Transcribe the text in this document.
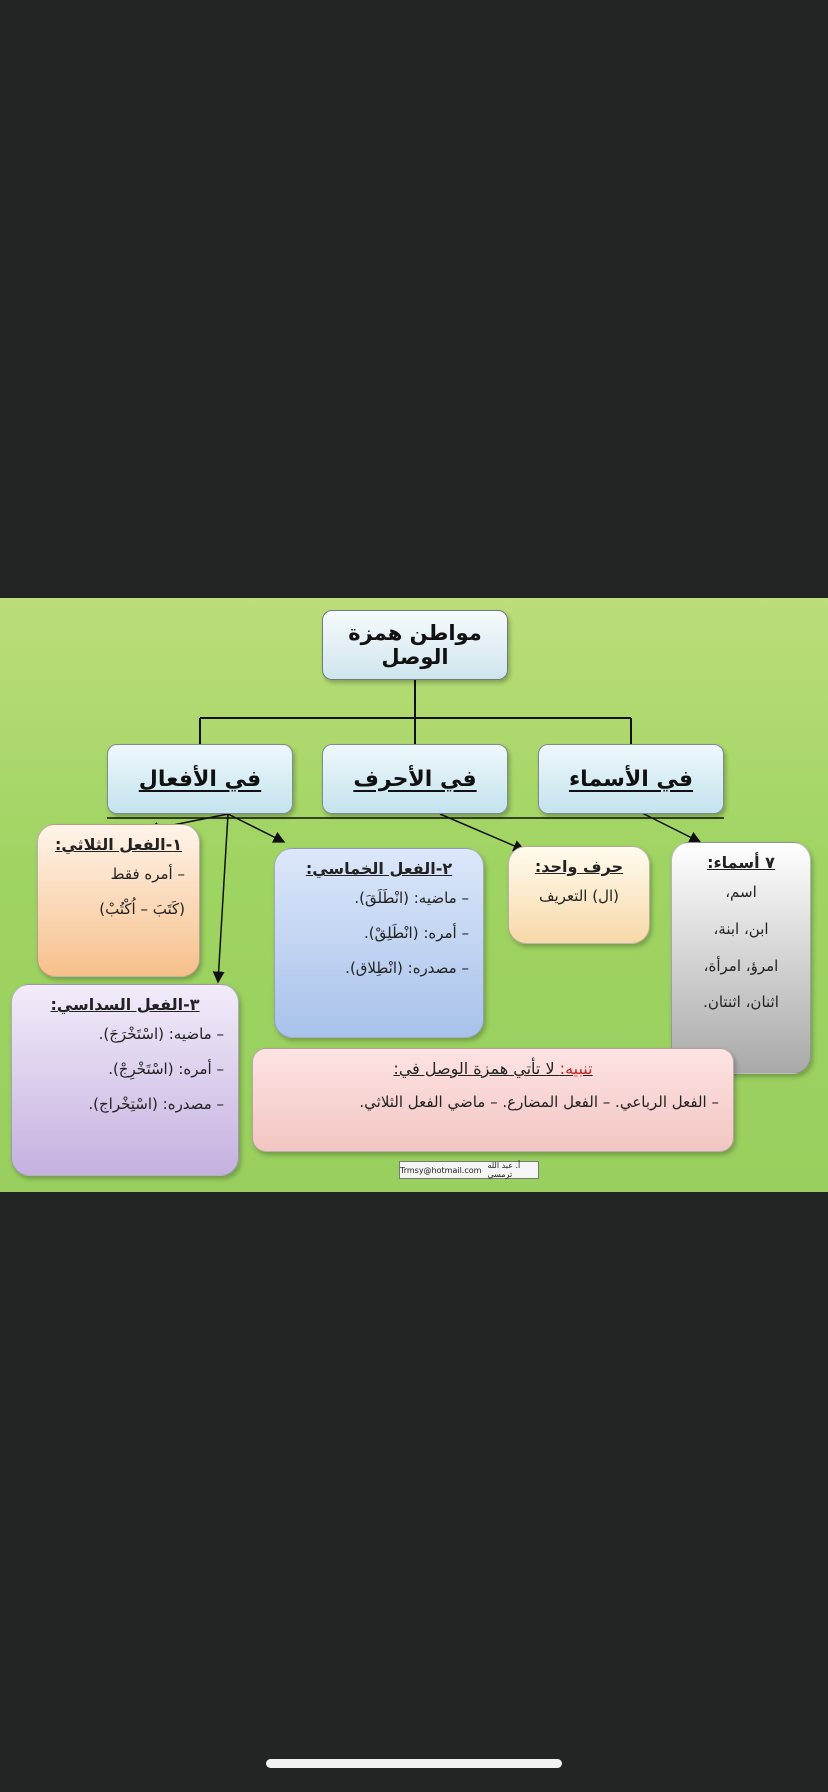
مواطن همزة الوصل
في الأفعال	في الأحرف	في الأسماء
١-الفعل الثلاثي:
– أمره فقط
(كَتَبَ – اُكْتُبْ)
٢-الفعل الخماسي:
– ماضيه: (انْطَلَقَ).
– أمره: (انْطَلِقْ).
– مصدره: (انْطِلاق).
٣-الفعل السداسي:
– ماضيه: (اسْتَخْرَجَ).
– أمره: (اسْتَخْرِجْ).
– مصدره: (اسْتِخْراج).
حرف واحد:
(ال) التعريف
٧ أسماء:
اسم،
ابن، ابنة،
امرؤ، امرأة،
اثنان، اثنتان.
تنبيه: لا تأتي همزة الوصل في:
– الفعل الرباعي. – الفعل المضارع. – ماضي الفعل الثلاثي.
Trmsy@hotmail.com أ. عبد الله ترمسي
